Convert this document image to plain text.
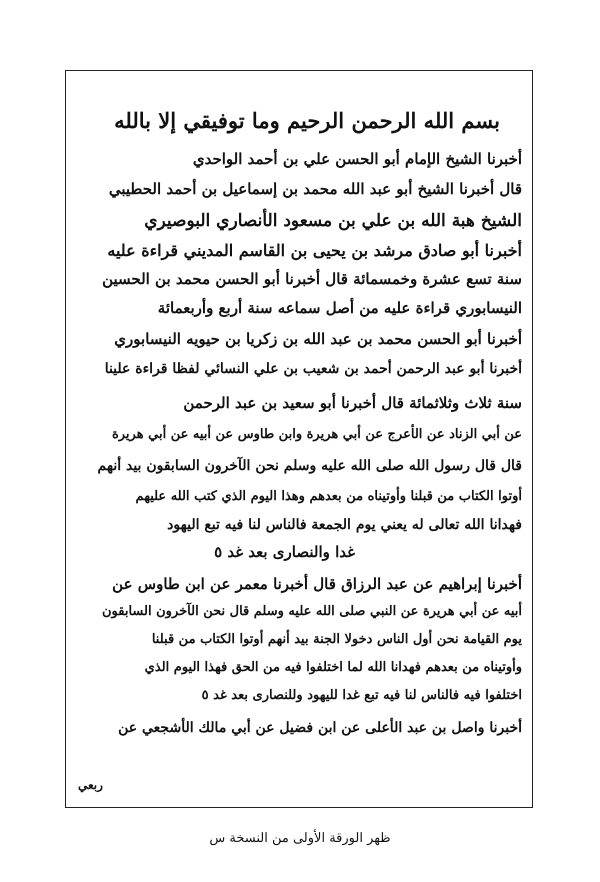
بسم الله الرحمن الرحيم وما توفيقي إلا بالله
أخبرنا الشيخ الإمام أبو الحسن علي بن أحمد الواحدي
قال أخبرنا الشيخ أبو عبد الله محمد بن إسماعيل بن أحمد الحطيبي
الشيخ هبة الله بن علي بن مسعود الأنصاري البوصيري
أخبرنا أبو صادق مرشد بن يحيى بن القاسم المديني قراءة عليه
سنة تسع عشرة وخمسمائة قال أخبرنا أبو الحسن محمد بن الحسين
النيسابوري قراءة عليه من أصل سماعه سنة أربع وأربعمائة
أخبرنا أبو الحسن محمد بن عبد الله بن زكريا بن حيويه النيسابوري
أخبرنا أبو عبد الرحمن أحمد بن شعيب بن علي النسائي لفظا قراءة علينا
سنة ثلاث وثلاثمائة قال أخبرنا أبو سعيد بن عبد الرحمن
عن أبي الزناد عن الأعرج عن أبي هريرة وابن طاوس عن أبيه عن أبي هريرة
قال قال رسول الله صلى الله عليه وسلم نحن الآخرون السابقون بيد أنهم
أوتوا الكتاب من قبلنا وأوتيناه من بعدهم وهذا اليوم الذي كتب الله عليهم
فهدانا الله تعالى له يعني يوم الجمعة فالناس لنا فيه تبع اليهود
غدا والنصارى بعد غد ٥
أخبرنا إبراهيم عن عبد الرزاق قال أخبرنا معمر عن ابن طاوس عن
أبيه عن أبي هريرة عن النبي صلى الله عليه وسلم قال نحن الآخرون السابقون
يوم القيامة نحن أول الناس دخولا الجنة بيد أنهم أوتوا الكتاب من قبلنا
وأوتيناه من بعدهم فهدانا الله لما اختلفوا فيه من الحق فهذا اليوم الذي
اختلفوا فيه فالناس لنا فيه تبع غدا لليهود وللنصارى بعد غد ٥
أخبرنا واصل بن عبد الأعلى عن ابن فضيل عن أبي مالك الأشجعي عن
ربعي
ظهر الورقة الأولى من النسخة س
